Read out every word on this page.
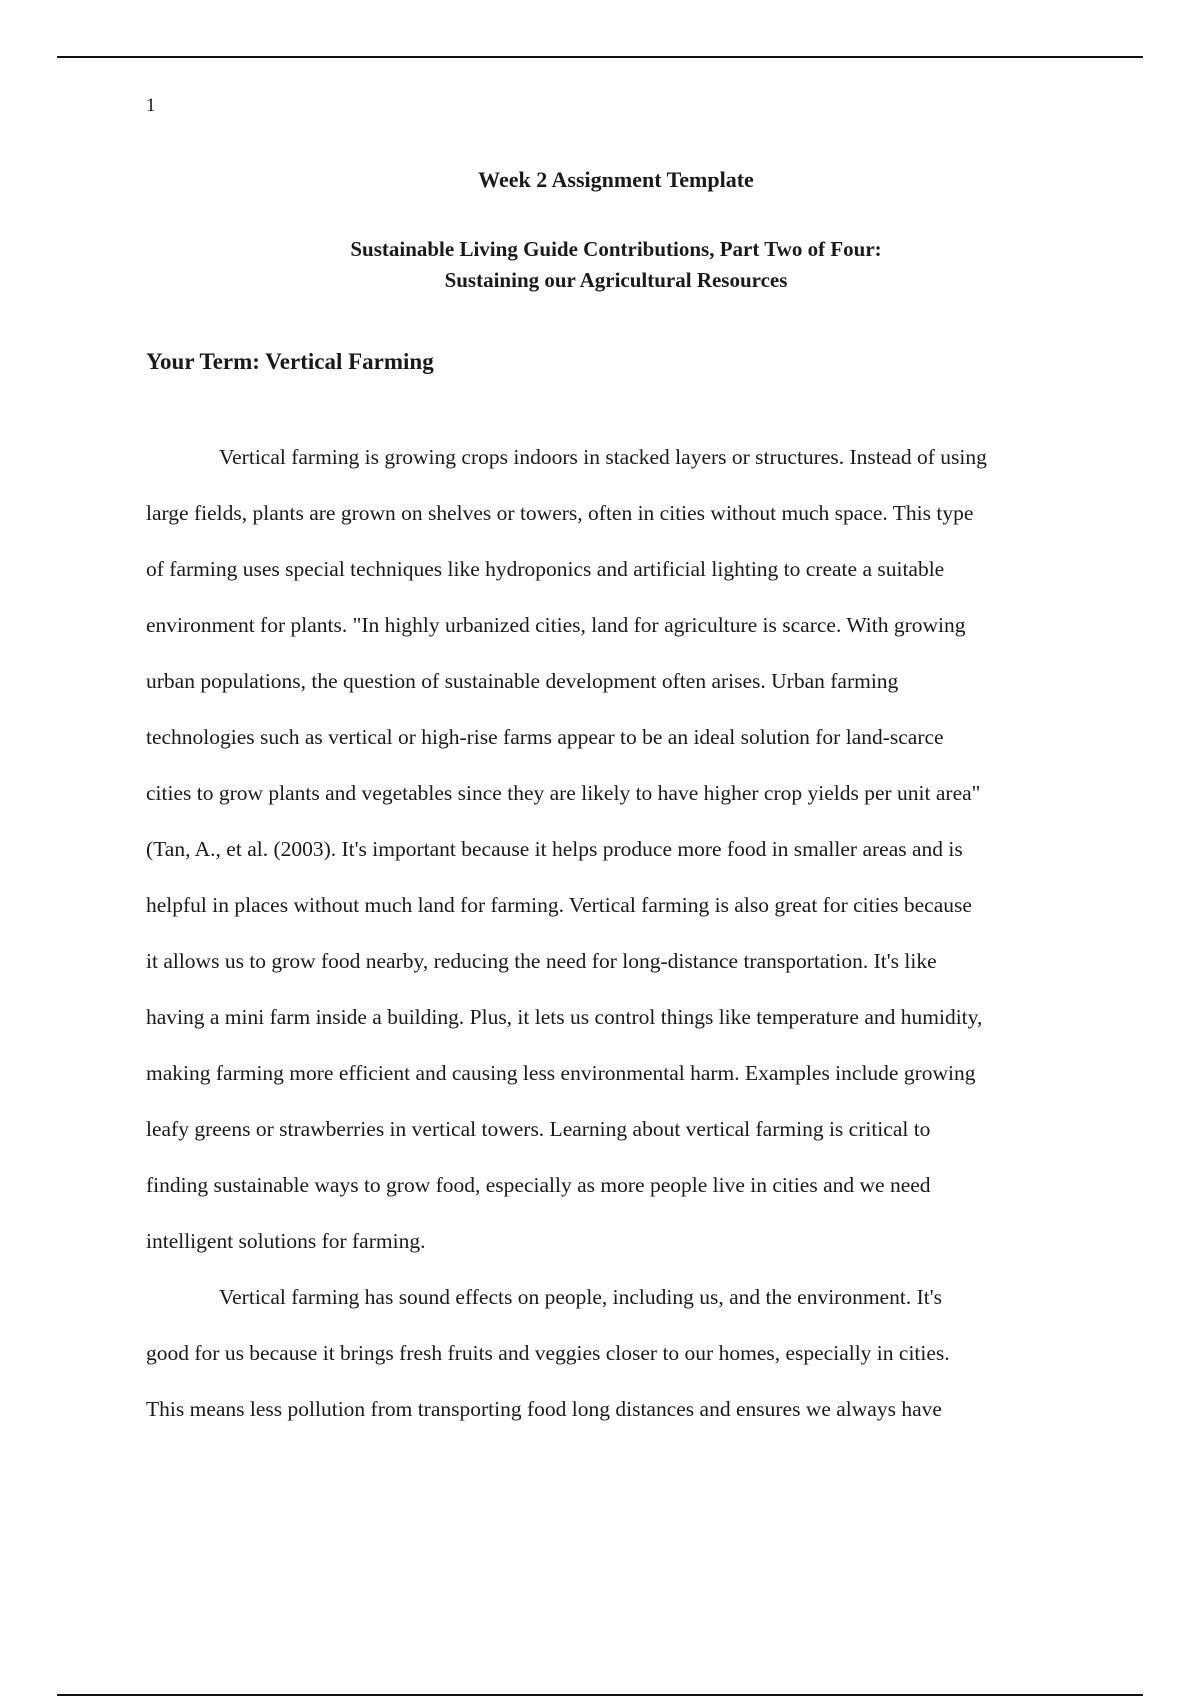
1
Week 2 Assignment Template
Sustainable Living Guide Contributions, Part Two of Four:
Sustaining our Agricultural Resources
Your Term: Vertical Farming
Vertical farming is growing crops indoors in stacked layers or structures. Instead of using
large fields, plants are grown on shelves or towers, often in cities without much space. This type
of farming uses special techniques like hydroponics and artificial lighting to create a suitable
environment for plants. "In highly urbanized cities, land for agriculture is scarce. With growing
urban populations, the question of sustainable development often arises. Urban farming
technologies such as vertical or high-rise farms appear to be an ideal solution for land-scarce
cities to grow plants and vegetables since they are likely to have higher crop yields per unit area"
(Tan, A., et al. (2003). It's important because it helps produce more food in smaller areas and is
helpful in places without much land for farming. Vertical farming is also great for cities because
it allows us to grow food nearby, reducing the need for long-distance transportation. It's like
having a mini farm inside a building. Plus, it lets us control things like temperature and humidity,
making farming more efficient and causing less environmental harm. Examples include growing
leafy greens or strawberries in vertical towers. Learning about vertical farming is critical to
finding sustainable ways to grow food, especially as more people live in cities and we need
intelligent solutions for farming.
Vertical farming has sound effects on people, including us, and the environment. It's
good for us because it brings fresh fruits and veggies closer to our homes, especially in cities.
This means less pollution from transporting food long distances and ensures we always have
